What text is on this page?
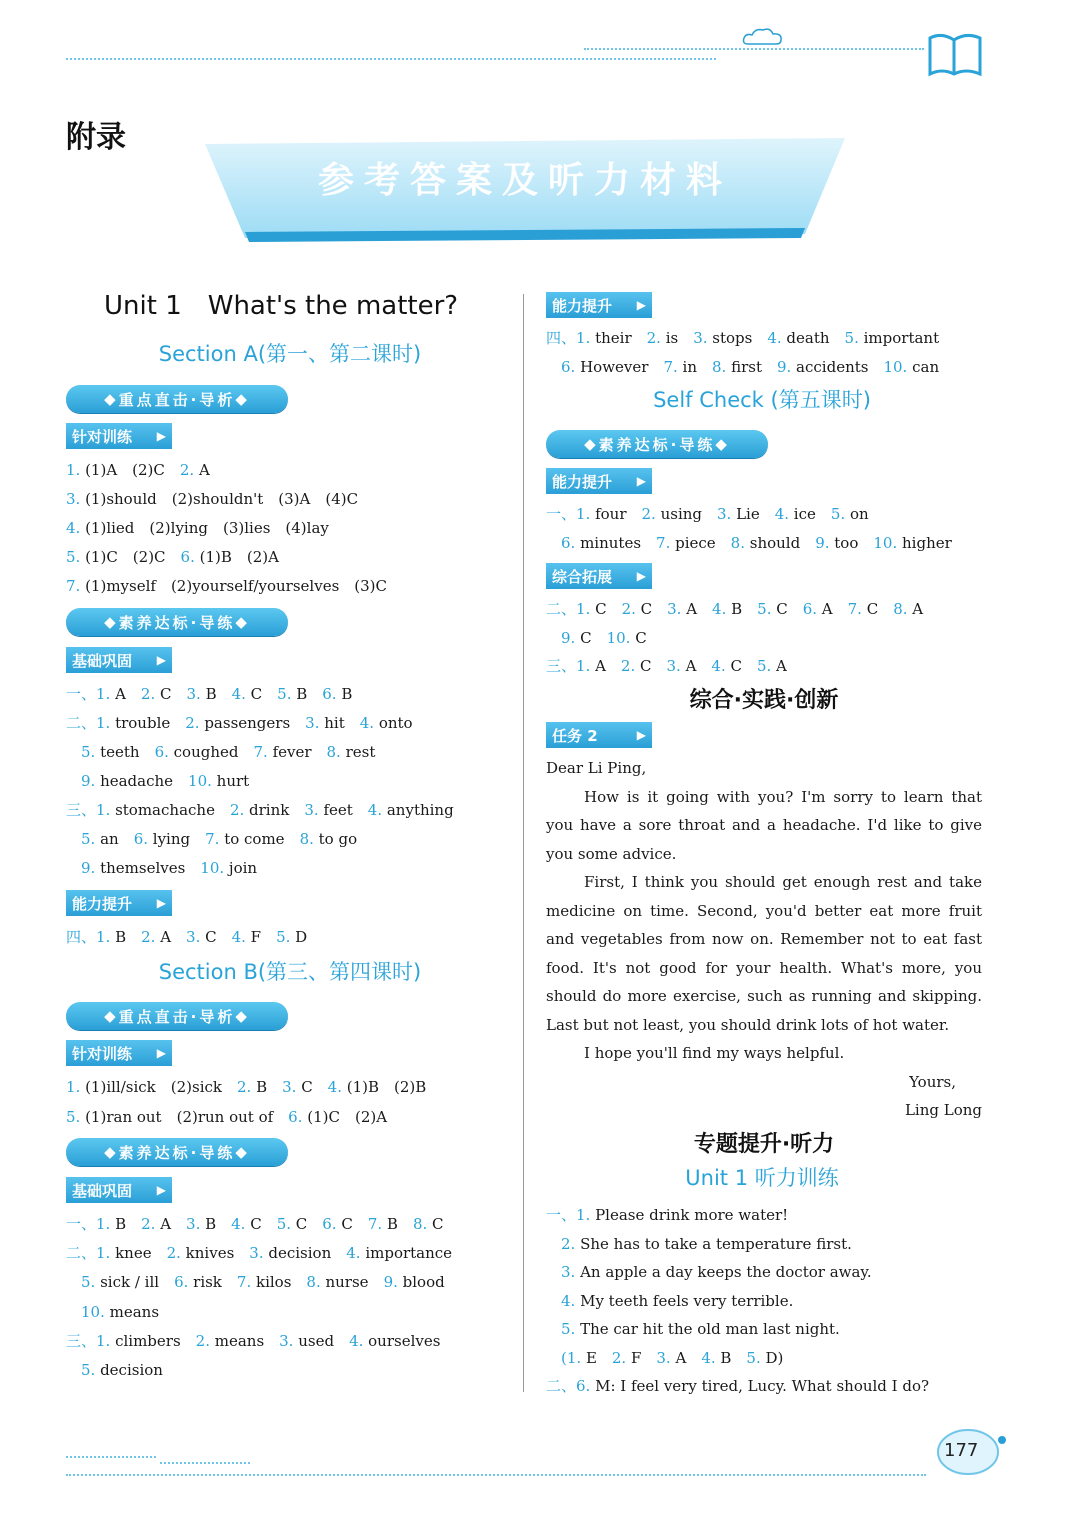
附录
参考答案及听力材料
Unit 1　What's the matter?
Section A(第一、第二课时)
◆ 重点直击·导析 ◆
针对训练 ▶
1. (1)A　(2)C　2. A
3. (1)should　(2)shouldn't　(3)A　(4)C
4. (1)lied　(2)lying　(3)lies　(4)lay
5. (1)C　(2)C　6. (1)B　(2)A
7. (1)myself　(2)yourself/yourselves　(3)C
◆ 素养达标·导练 ◆
基础巩固 ▶
一、1. A　2. C　3. B　4. C　5. B　6. B
二、1. trouble　2. passengers　3. hit　4. onto
　5. teeth　6. coughed　7. fever　8. rest
　9. headache　10. hurt
三、1. stomachache　2. drink　3. feet　4. anything
　5. an　6. lying　7. to come　8. to go
　9. themselves　10. join
能力提升 ▶
四、1. B　2. A　3. C　4. F　5. D
Section B(第三、第四课时)
◆ 重点直击·导析 ◆
针对训练 ▶
1. (1)ill/sick　(2)sick　2. B　3. C　4. (1)B　(2)B
5. (1)ran out　(2)run out of　6. (1)C　(2)A
◆ 素养达标·导练 ◆
基础巩固 ▶
一、1. B　2. A　3. B　4. C　5. C　6. C　7. B　8. C
二、1. knee　2. knives　3. decision　4. importance
　5. sick / ill　6. risk　7. kilos　8. nurse　9. blood
　10. means
三、1. climbers　2. means　3. used　4. ourselves
　5. decision
能力提升 ▶
四、1. their　2. is　3. stops　4. death　5. important
　6. However　7. in　8. first　9. accidents　10. can
Self Check (第五课时)
◆ 素养达标·导练 ◆
能力提升 ▶
一、1. four　2. using　3. Lie　4. ice　5. on
　6. minutes　7. piece　8. should　9. too　10. higher
综合拓展 ▶
二、1. C　2. C　3. A　4. B　5. C　6. A　7. C　8. A
　9. C　10. C
三、1. A　2. C　3. A　4. C　5. A
综合·实践·创新
任务 2	▶
Dear Li Ping,
How is it going with you? I'm sorry to learn that you have a sore throat and a headache. I'd like to give you some advice.
First, I think you should get enough rest and take medicine on time. Second, you'd better eat more fruit and vegetables from now on. Remember not to eat fast food. It's not good for your health. What's more, you should do more exercise, such as running and skipping. Last but not least, you should drink lots of hot water.
I hope you'll find my ways helpful.
Yours,
Ling Long
专题提升·听力
Unit 1 听力训练
一、1. Please drink more water!
　2. She has to take a temperature first.
　3. An apple a day keeps the doctor away.
　4. My teeth feels very terrible.
　5. The car hit the old man last night.
　(1. E　2. F　3. A　4. B　5. D)
二、6. M: I feel very tired, Lucy. What should I do?
177
